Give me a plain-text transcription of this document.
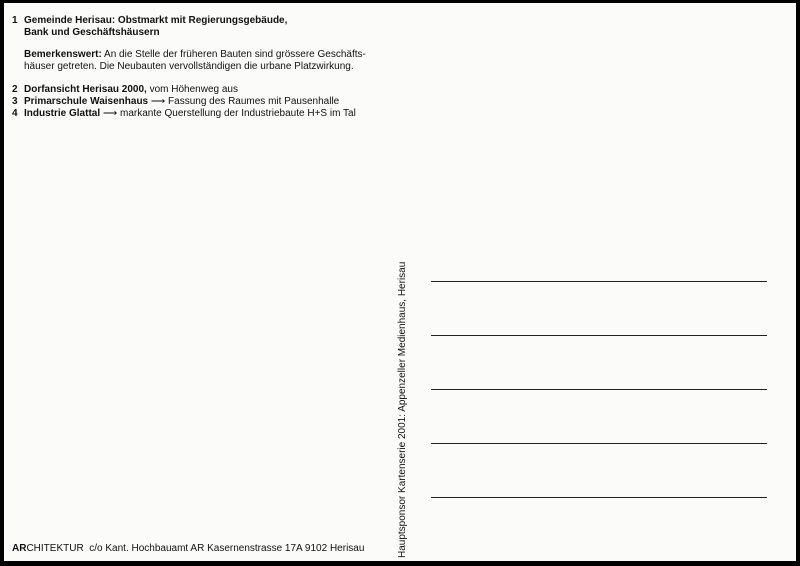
1 Gemeinde Herisau: Obstmarkt mit Regierungsgebäude,
Bank und Geschäftshäusern
Bemerkenswert: An die Stelle der früheren Bauten sind grössere Geschäfts-
häuser getreten. Die Neubauten vervollständigen die urbane Platzwirkung.
2 Dorfansicht Herisau 2000, vom Höhenweg aus
3 Primarschule Waisenhaus ⟶ Fassung des Raumes mit Pausenhalle
4 Industrie Glattal ⟶ markante Querstellung der Industriebaute H+S im Tal
ARCHITEKTUR c/o Kant. Hochbauamt AR Kasernenstrasse 17A 9102 Herisau	Hauptsponsor Kartenserie 2001: Appenzeller Medienhaus, Herisau
